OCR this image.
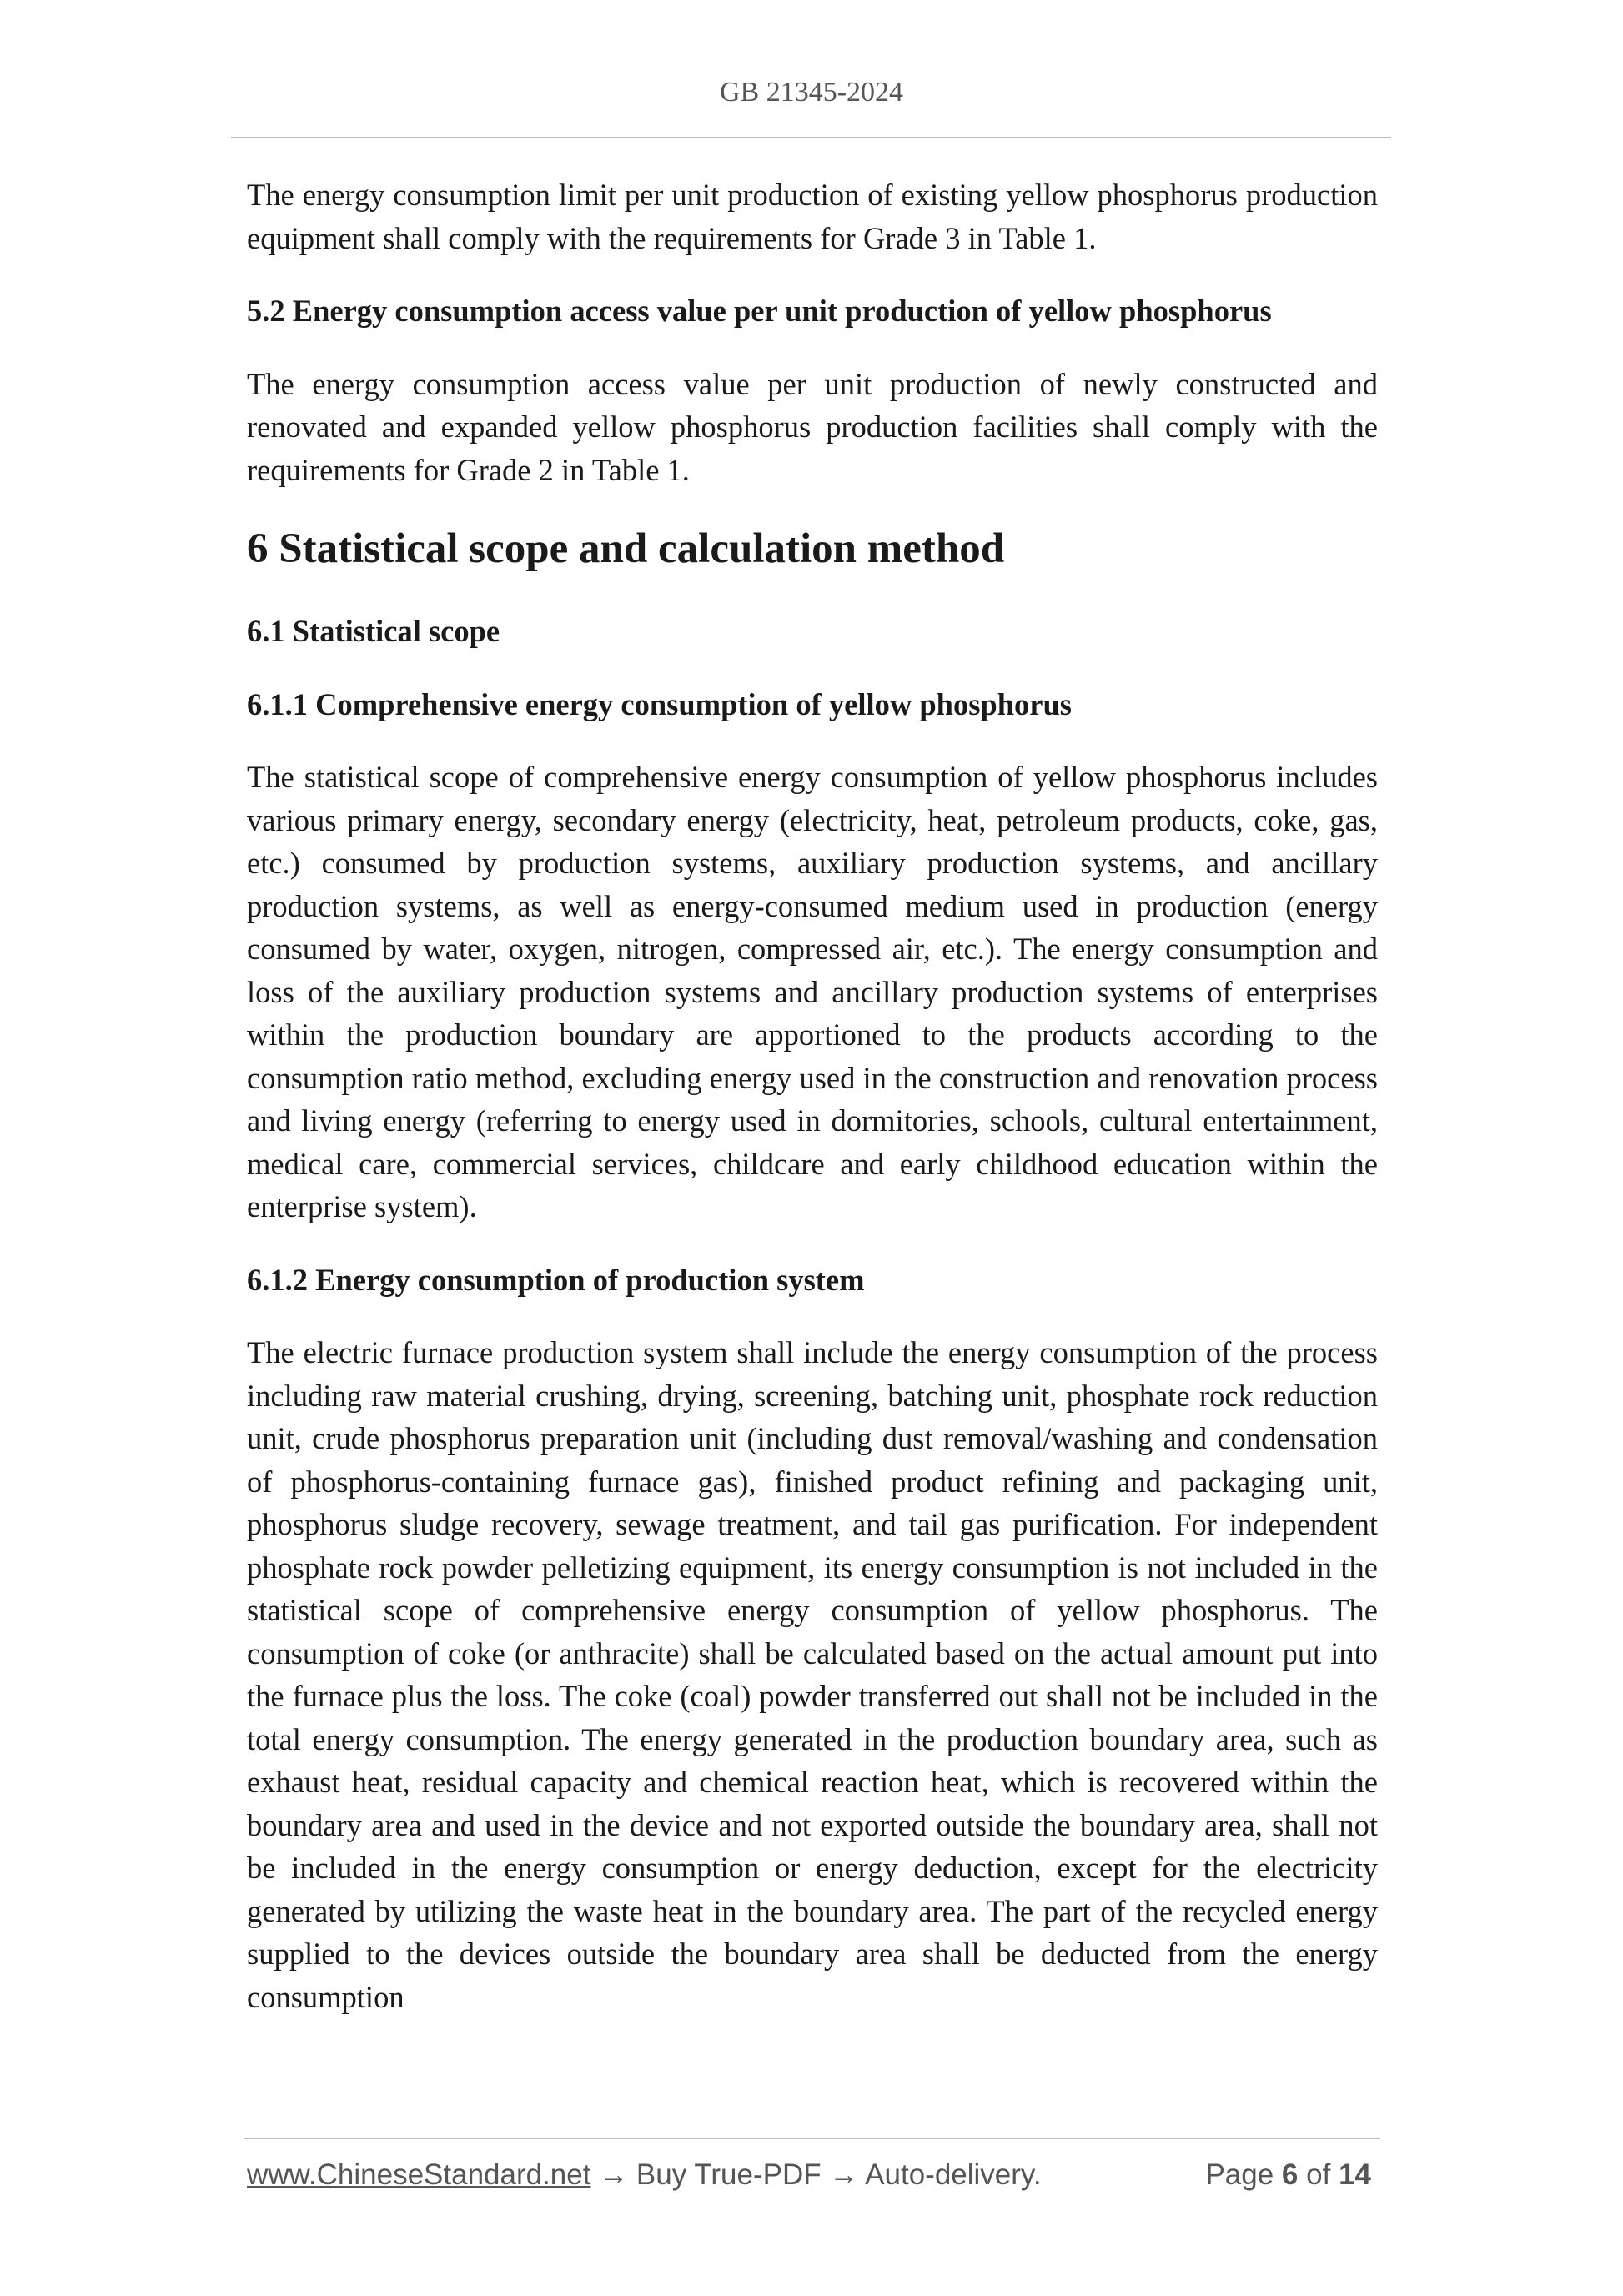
GB 21345-2024

The energy consumption limit per unit production of existing yellow phosphorus production equipment shall comply with the requirements for Grade 3 in Table 1.

5.2 Energy consumption access value per unit production of yellow phosphorus

The energy consumption access value per unit production of newly constructed and renovated and expanded yellow phosphorus production facilities shall comply with the requirements for Grade 2 in Table 1.

6 Statistical scope and calculation method

6.1 Statistical scope

6.1.1 Comprehensive energy consumption of yellow phosphorus

The statistical scope of comprehensive energy consumption of yellow phosphorus includes various primary energy, secondary energy (electricity, heat, petroleum products, coke, gas, etc.) consumed by production systems, auxiliary production systems, and ancillary production systems, as well as energy-consumed medium used in production (energy consumed by water, oxygen, nitrogen, compressed air, etc.). The energy consumption and loss of the auxiliary production systems and ancillary production systems of enterprises within the production boundary are apportioned to the products according to the consumption ratio method, excluding energy used in the construction and renovation process and living energy (referring to energy used in dormitories, schools, cultural entertainment, medical care, commercial services, childcare and early childhood education within the enterprise system).

6.1.2 Energy consumption of production system

The electric furnace production system shall include the energy consumption of the process including raw material crushing, drying, screening, batching unit, phosphate rock reduction unit, crude phosphorus preparation unit (including dust removal/washing and condensation of phosphorus-containing furnace gas), finished product refining and packaging unit, phosphorus sludge recovery, sewage treatment, and tail gas purification. For independent phosphate rock powder pelletizing equipment, its energy consumption is not included in the statistical scope of comprehensive energy consumption of yellow phosphorus. The consumption of coke (or anthracite) shall be calculated based on the actual amount put into the furnace plus the loss. The coke (coal) powder transferred out shall not be included in the total energy consumption. The energy generated in the production boundary area, such as exhaust heat, residual capacity and chemical reaction heat, which is recovered within the boundary area and used in the device and not exported outside the boundary area, shall not be included in the energy consumption or energy deduction, except for the electricity generated by utilizing the waste heat in the boundary area. The part of the recycled energy supplied to the devices outside the boundary area shall be deducted from the energy consumption

www.ChineseStandard.net → Buy True-PDF → Auto-delivery.	Page 6 of 14
